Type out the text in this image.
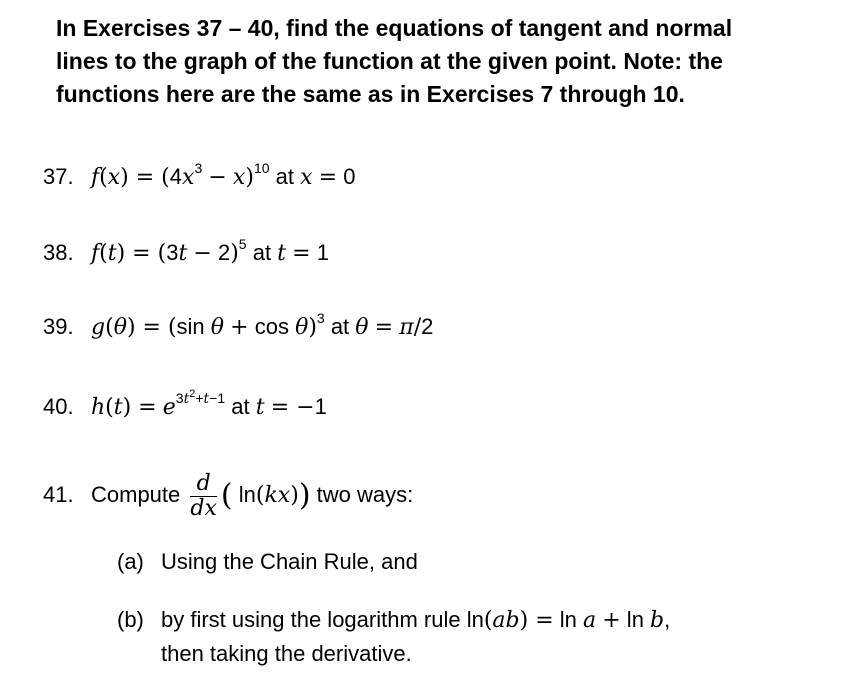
In Exercises 37 – 40, find the equations of tangent and normal
lines to the graph of the function at the given point. Note: the
functions here are the same as in Exercises 7 through 10.
37. $f(x) = (4x^3 - x)^{10}$ at x = 0
38. $f(t) = (3t - 2)^5$ at t = 1
39. g(θ) = (sin θ + cos θ)$^3$ at θ = π/2
40. $h(t) = e^{3t^2+t-1}$ at t = −1
41. Compute $\frac{d}{dx}$ ( ln(kx)) two ways:
(a) Using the Chain Rule, and
(b) by first using the logarithm rule ln(ab) = ln a + ln b,
then taking the derivative.
